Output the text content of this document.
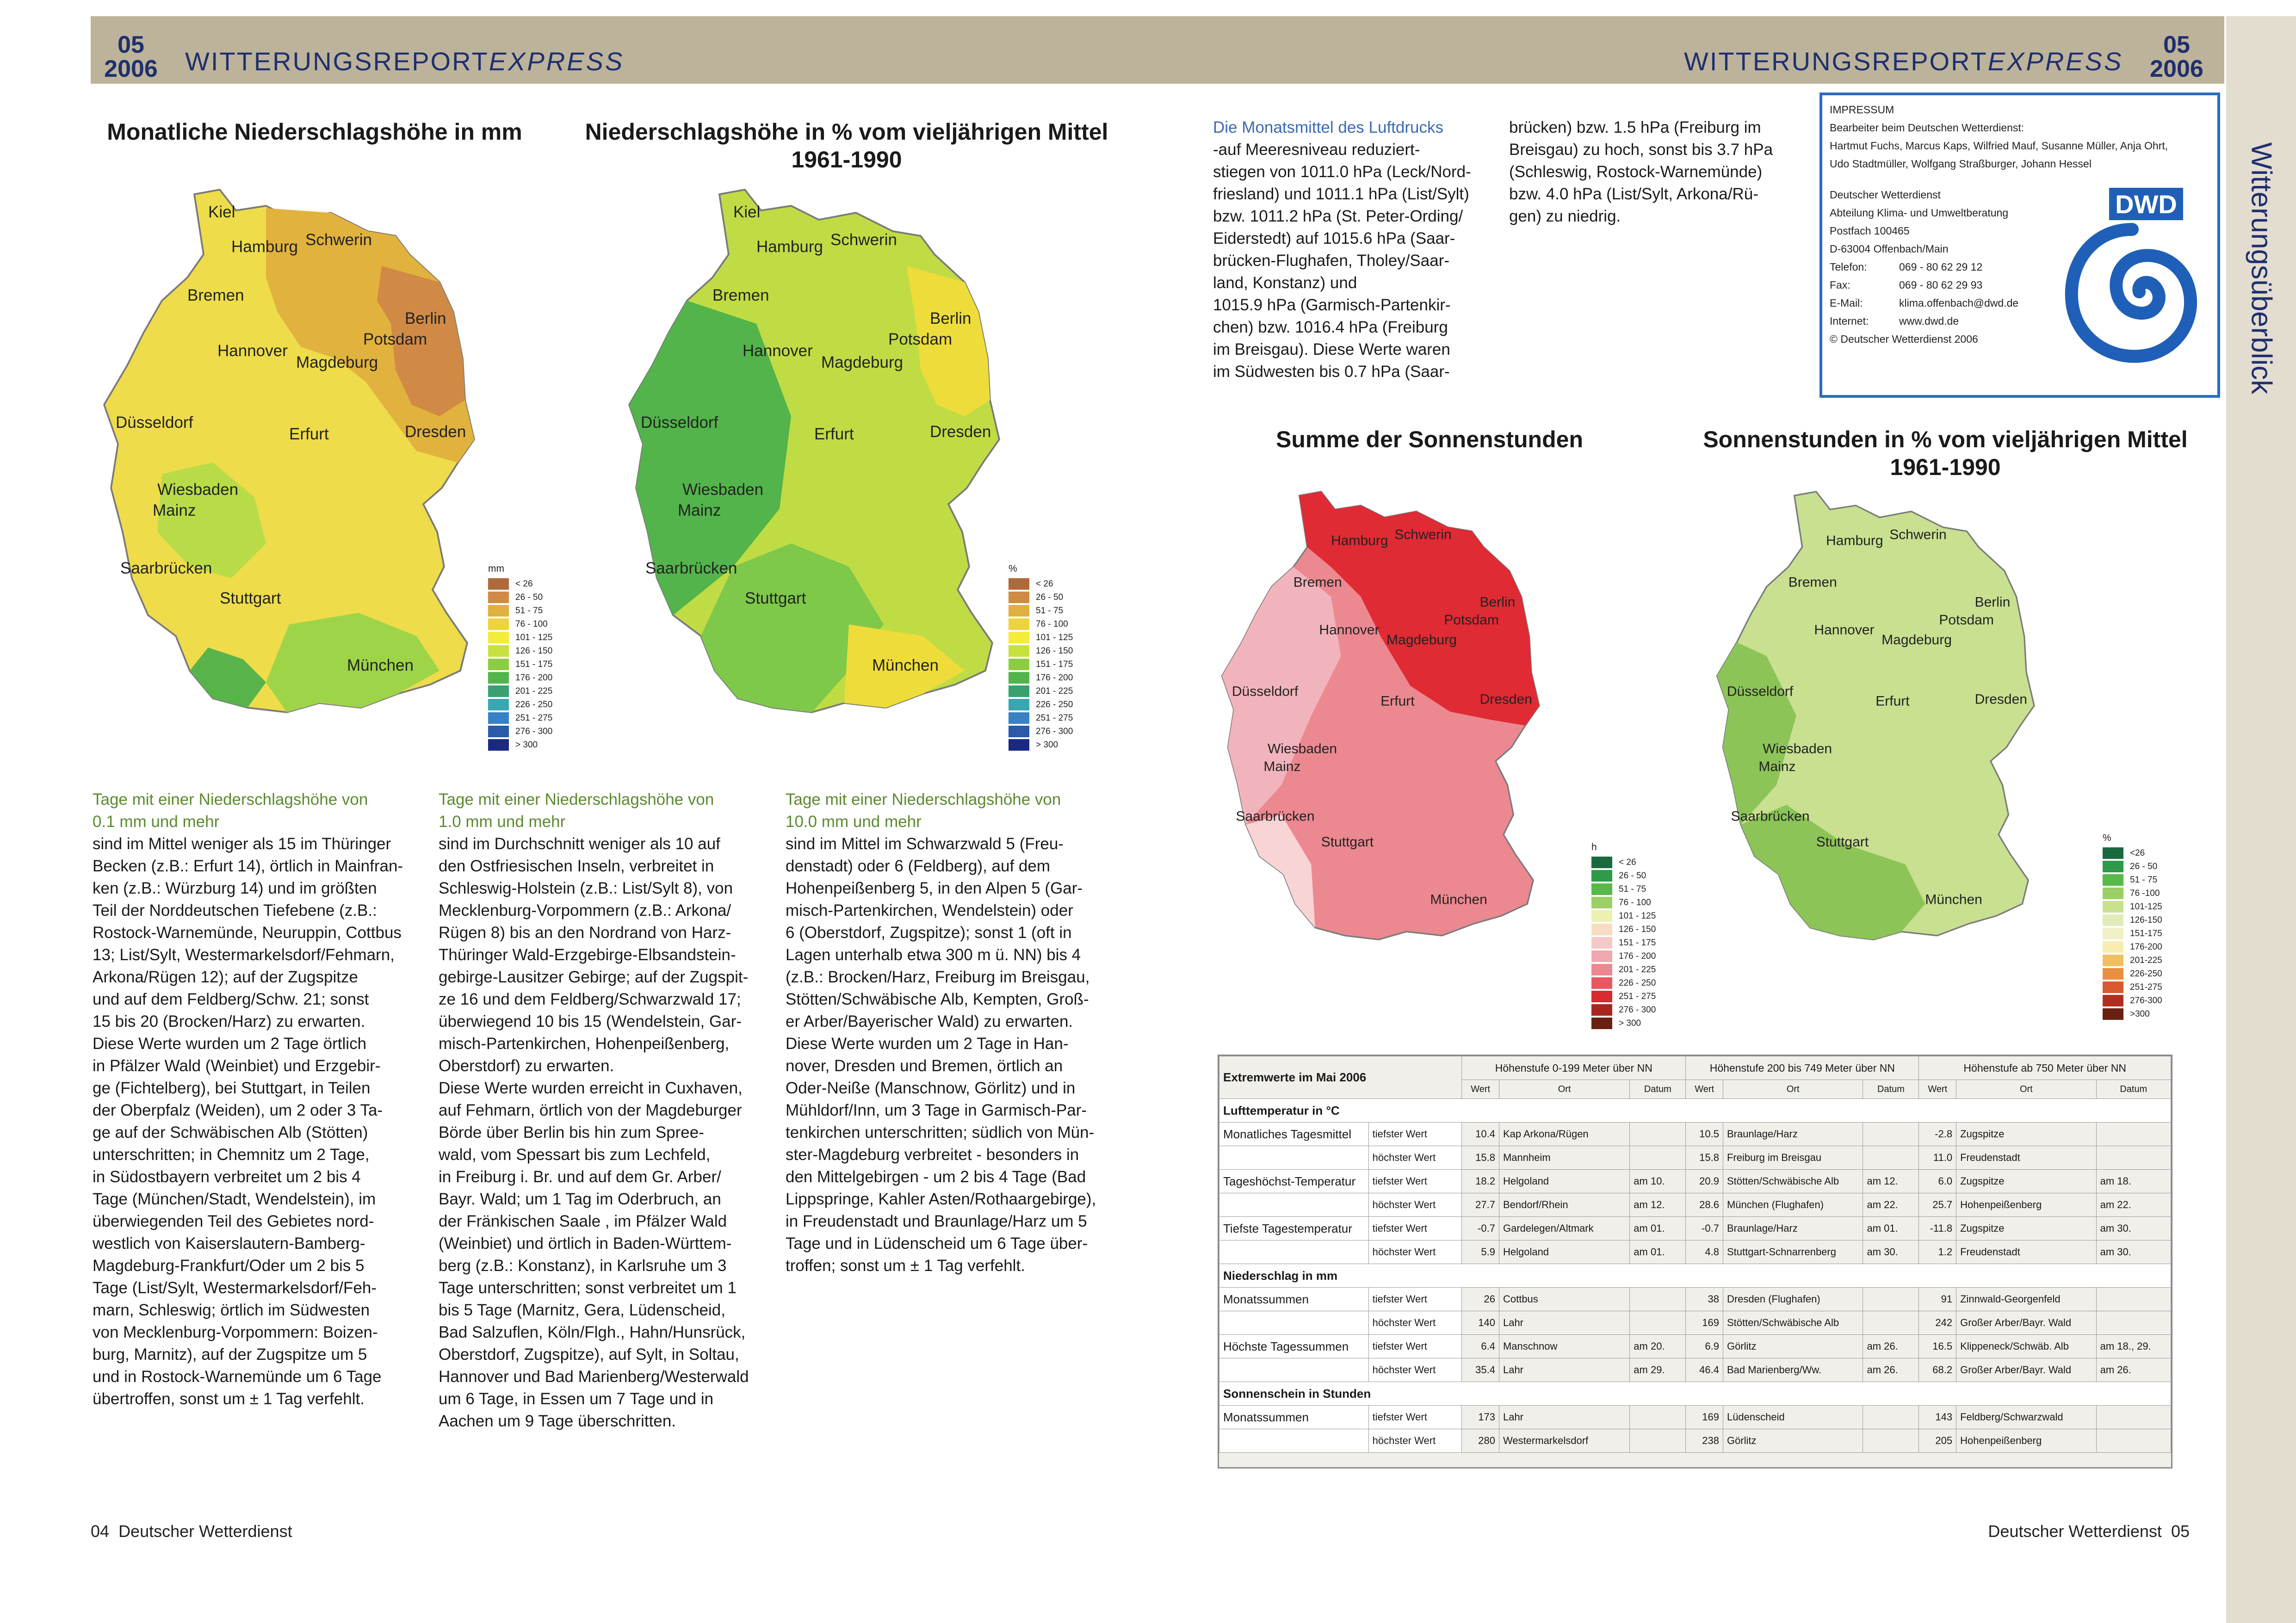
05
2006 WITTERUNGSREPORTEXPRESS	WITTERUNGSREPORTEXPRESS
05
2006
Witterungsüberblick
Monatliche Niederschlagshöhe in mm	Niederschlagshöhe in % vom vieljährigen Mittel 1961-1990
Summe der Sonnenstunden	Sonnenstunden in % vom vieljährigen Mittel 1961-1990
Kiel
Hamburg Schwerin
Bremen
Berlin
Potsdam
Hannover
Magdeburg
Düsseldorf
Erfurt	Dresden
Wiesbaden
Mainz
Saarbrücken
Stuttgart
München
mm
< 26
26 - 50
51 - 75
76 - 100
101 - 125
126 - 150
151 - 175
176 - 200
201 - 225
226 - 250
251 - 275
276 - 300
> 300
Kiel
Hamburg Schwerin
Bremen
Berlin
Potsdam
Hannover
Magdeburg
Düsseldorf
Erfurt	Dresden
Wiesbaden
Mainz
Saarbrücken
Stuttgart
München
%
< 26
26 - 50
51 - 75
76 - 100
101 - 125
126 - 150
151 - 175
176 - 200
201 - 225
226 - 250
251 - 275
276 - 300
> 300
Hamburg Schwerin
Bremen
Berlin
Potsdam
Hannover
Magdeburg
Düsseldorf
Erfurt	Dresden
Wiesbaden
Mainz
Saarbrücken
Stuttgart
München
h
< 26
26 - 50
51 - 75
76 - 100
101 - 125
126 - 150
151 - 175
176 - 200
201 - 225
226 - 250
251 - 275
276 - 300
> 300
Hamburg Schwerin
Bremen
Berlin
Potsdam
Hannover
Magdeburg
Düsseldorf
Erfurt	Dresden
Wiesbaden
Mainz
Saarbrücken
Stuttgart
München
%
<26
26 - 50
51 - 75
76 -100
101-125
126-150
151-175
176-200
201-225
226-250
251-275
276-300
>300
Tage mit einer Niederschlagshöhe von
0.1 mm und mehr
sind im Mittel weniger als 15 im Thüringer
Becken (z.B.: Erfurt 14), örtlich in Mainfran-
ken (z.B.: Würzburg 14) und im größten
Teil der Norddeutschen Tiefebene (z.B.:
Rostock-Warnemünde, Neuruppin, Cottbus
13; List/Sylt, Westermarkelsdorf/Fehmarn,
Arkona/Rügen 12); auf der Zugspitze
und auf dem Feldberg/Schw. 21; sonst
15 bis 20 (Brocken/Harz) zu erwarten.
Diese Werte wurden um 2 Tage örtlich
in Pfälzer Wald (Weinbiet) und Erzgebir-
ge (Fichtelberg), bei Stuttgart, in Teilen
der Oberpfalz (Weiden), um 2 oder 3 Ta-
ge auf der Schwäbischen Alb (Stötten)
unterschritten; in Chemnitz um 2 Tage,
in Südostbayern verbreitet um 2 bis 4
Tage (München/Stadt, Wendelstein), im
überwiegenden Teil des Gebietes nord-
westlich von Kaiserslautern-Bamberg-
Magdeburg-Frankfurt/Oder um 2 bis 5
Tage (List/Sylt, Westermarkelsdorf/Feh-
marn, Schleswig; örtlich im Südwesten
von Mecklenburg-Vorpommern: Boizen-
burg, Marnitz), auf der Zugspitze um 5
und in Rostock-Warnemünde um 6 Tage
übertroffen, sonst um ± 1 Tag verfehlt.
Tage mit einer Niederschlagshöhe von
1.0 mm und mehr
sind im Durchschnitt weniger als 10 auf
den Ostfriesischen Inseln, verbreitet in
Schleswig-Holstein (z.B.: List/Sylt 8), von
Mecklenburg-Vorpommern (z.B.: Arkona/
Rügen 8) bis an den Nordrand von Harz-
Thüringer Wald-Erzgebirge-Elbsandstein-
gebirge-Lausitzer Gebirge; auf der Zugspit-
ze 16 und dem Feldberg/Schwarzwald 17;
überwiegend 10 bis 15 (Wendelstein, Gar-
misch-Partenkirchen, Hohenpeißenberg,
Oberstdorf) zu erwarten.
Diese Werte wurden erreicht in Cuxhaven,
auf Fehmarn, örtlich von der Magdeburger
Börde über Berlin bis hin zum Spree-
wald, vom Spessart bis zum Lechfeld,
in Freiburg i. Br. und auf dem Gr. Arber/
Bayr. Wald; um 1 Tag im Oderbruch, an
der Fränkischen Saale , im Pfälzer Wald
(Weinbiet) und örtlich in Baden-Württem-
berg (z.B.: Konstanz), in Karlsruhe um 3
Tage unterschritten; sonst verbreitet um 1
bis 5 Tage (Marnitz, Gera, Lüdenscheid,
Bad Salzuflen, Köln/Flgh., Hahn/Hunsrück,
Oberstdorf, Zugspitze), auf Sylt, in Soltau,
Hannover und Bad Marienberg/Westerwald
um 6 Tage, in Essen um 7 Tage und in
Aachen um 9 Tage überschritten.
Tage mit einer Niederschlagshöhe von
10.0 mm und mehr
sind im Mittel im Schwarzwald 5 (Freu-
denstadt) oder 6 (Feldberg), auf dem
Hohenpeißenberg 5, in den Alpen 5 (Gar-
misch-Partenkirchen, Wendelstein) oder
6 (Oberstdorf, Zugspitze); sonst 1 (oft in
Lagen unterhalb etwa 300 m ü. NN) bis 4
(z.B.: Brocken/Harz, Freiburg im Breisgau,
Stötten/Schwäbische Alb, Kempten, Groß-
er Arber/Bayerischer Wald) zu erwarten.
Diese Werte wurden um 2 Tage in Han-
nover, Dresden und Bremen, örtlich an
Oder-Neiße (Manschnow, Görlitz) und in
Mühldorf/Inn, um 3 Tage in Garmisch-Par-
tenkirchen unterschritten; südlich von Mün-
ster-Magdeburg verbreitet - besonders in
den Mittelgebirgen - um 2 bis 4 Tage (Bad
Lippspringe, Kahler Asten/Rothaargebirge),
in Freudenstadt und Braunlage/Harz um 5
Tage und in Lüdenscheid um 6 Tage über-
troffen; sonst um ± 1 Tag verfehlt.
Die Monatsmittel des Luftdrucks
-auf Meeresniveau reduziert-
stiegen von 1011.0 hPa (Leck/Nord-
friesland) und 1011.1 hPa (List/Sylt)
bzw. 1011.2 hPa (St. Peter-Ording/
Eiderstedt) auf 1015.6 hPa (Saar-
brücken-Flughafen, Tholey/Saar-
land, Konstanz) und
1015.9 hPa (Garmisch-Partenkir-
chen) bzw. 1016.4 hPa (Freiburg
im Breisgau). Diese Werte waren
im Südwesten bis 0.7 hPa (Saar-
brücken) bzw. 1.5 hPa (Freiburg im
Breisgau) zu hoch, sonst bis 3.7 hPa
(Schleswig, Rostock-Warnemünde)
bzw. 4.0 hPa (List/Sylt, Arkona/Rü-
gen) zu niedrig.
IMPRESSUM
Bearbeiter beim Deutschen Wetterdienst:
Hartmut Fuchs, Marcus Kaps, Wilfried Mauf, Susanne Müller, Anja Ohrt,
Udo Stadtmüller, Wolfgang Straßburger, Johann Hessel
Deutscher Wetterdienst
Abteilung Klima- und Umweltberatung
Postfach 100465
D-63004 Offenbach/Main
Telefon:	069 - 80 62 29 12
Fax:	069 - 80 62 29 93
E-Mail:	klima.offenbach@dwd.de
Internet:	www.dwd.de
© Deutscher Wetterdienst 2006
DWD
Extremwerte im Mai 2006		Höhenstufe 0-199 Meter über NN			Höhenstufe 200 bis 749 Meter über NN			Höhenstufe ab 750 Meter über NN		
		Wert	Ort	Datum	Wert	Ort	Datum	Wert	Ort	Datum
Lufttemperatur in °C										
Monatliches Tagesmittel	tiefster Wert	10.4	Kap Arkona/Rügen		10.5	Braunlage/Harz		-2.8	Zugspitze	
	höchster Wert	15.8	Mannheim		15.8	Freiburg im Breisgau		11.0	Freudenstadt	
Tageshöchst-Temperatur	tiefster Wert	18.2	Helgoland	am 10.	20.9	Stötten/Schwäbische Alb	am 12.	6.0	Zugspitze	am 18.
	höchster Wert	27.7	Bendorf/Rhein	am 12.	28.6	München (Flughafen)	am 22.	25.7	Hohenpeißenberg	am 22.
Tiefste Tagestemperatur	tiefster Wert	-0.7	Gardelegen/Altmark	am 01.	-0.7	Braunlage/Harz	am 01.	-11.8	Zugspitze	am 30.
	höchster Wert	5.9	Helgoland	am 01.	4.8	Stuttgart-Schnarrenberg	am 30.	1.2	Freudenstadt	am 30.
Niederschlag in mm										
Monatssummen	tiefster Wert	26	Cottbus		38	Dresden (Flughafen)		91	Zinnwald-Georgenfeld	
	höchster Wert	140	Lahr		169	Stötten/Schwäbische Alb		242	Großer Arber/Bayr. Wald	
Höchste Tagessummen	tiefster Wert	6.4	Manschnow	am 20.	6.9	Görlitz	am 26.	16.5	Klippeneck/Schwäb. Alb	am 18., 29.
	höchster Wert	35.4	Lahr	am 29.	46.4	Bad Marienberg/Ww.	am 26.	68.2	Großer Arber/Bayr. Wald	am 26.
Sonnenschein in Stunden										
Monatssummen	tiefster Wert	173	Lahr		169	Lüdenscheid		143	Feldberg/Schwarzwald	
	höchster Wert	280	Westermarkelsdorf		238	Görlitz		205	Hohenpeißenberg	
04 Deutscher Wetterdienst	Deutscher Wetterdienst 05
